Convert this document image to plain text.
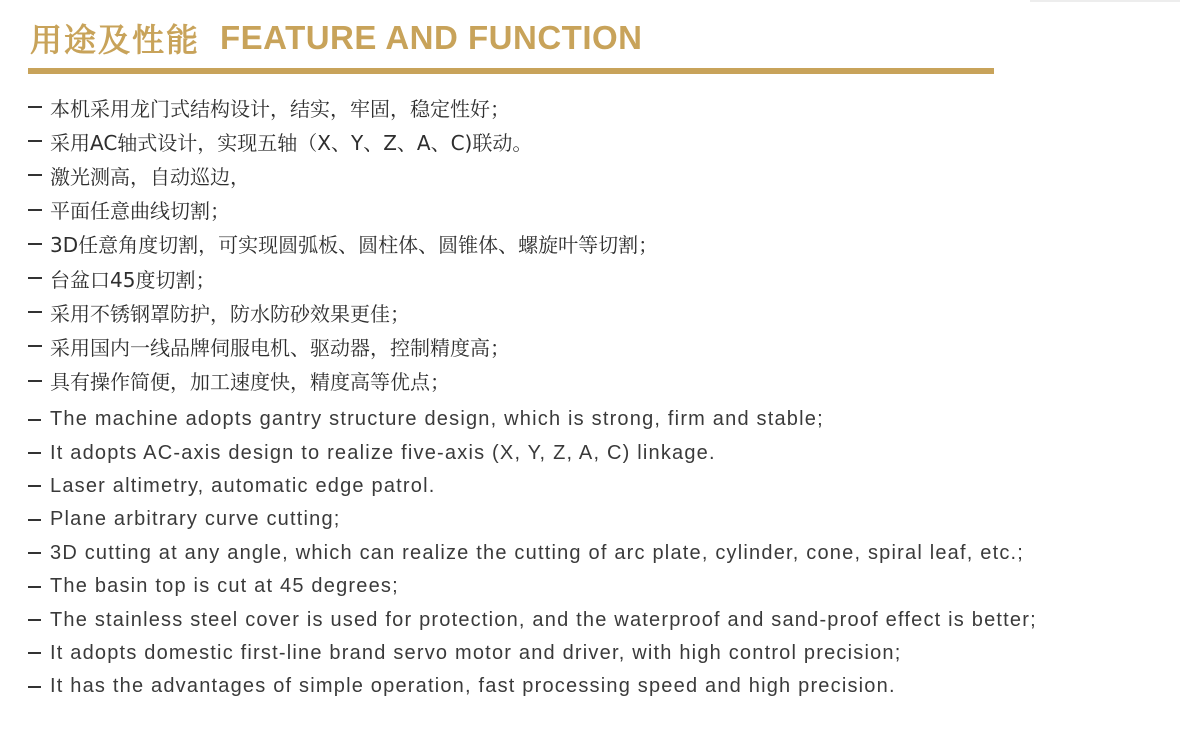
用途及性能 FEATURE AND FUNCTION
本机采用龙门式结构设计，结实，牢固，稳定性好；
采用AC轴式设计，实现五轴（X、Y、Z、A、C)联动。
激光测高，自动巡边，
平面任意曲线切割；
3D任意角度切割，可实现圆弧板、圆柱体、圆锥体、螺旋叶等切割；
台盆口45度切割；
采用不锈钢罩防护，防水防砂效果更佳；
采用国内一线品牌伺服电机、驱动器，控制精度高；
具有操作简便，加工速度快，精度高等优点；
The machine adopts gantry structure design, which is strong, firm and stable;
It adopts AC-axis design to realize five-axis (X, Y, Z, A, C) linkage.
Laser altimetry, automatic edge patrol.
Plane arbitrary curve cutting;
3D cutting at any angle, which can realize the cutting of arc plate, cylinder, cone, spiral leaf, etc.;
The basin top is cut at 45 degrees;
The stainless steel cover is used for protection, and the waterproof and sand-proof effect is better;
It adopts domestic first-line brand servo motor and driver, with high control precision;
It has the advantages of simple operation, fast processing speed and high precision.
